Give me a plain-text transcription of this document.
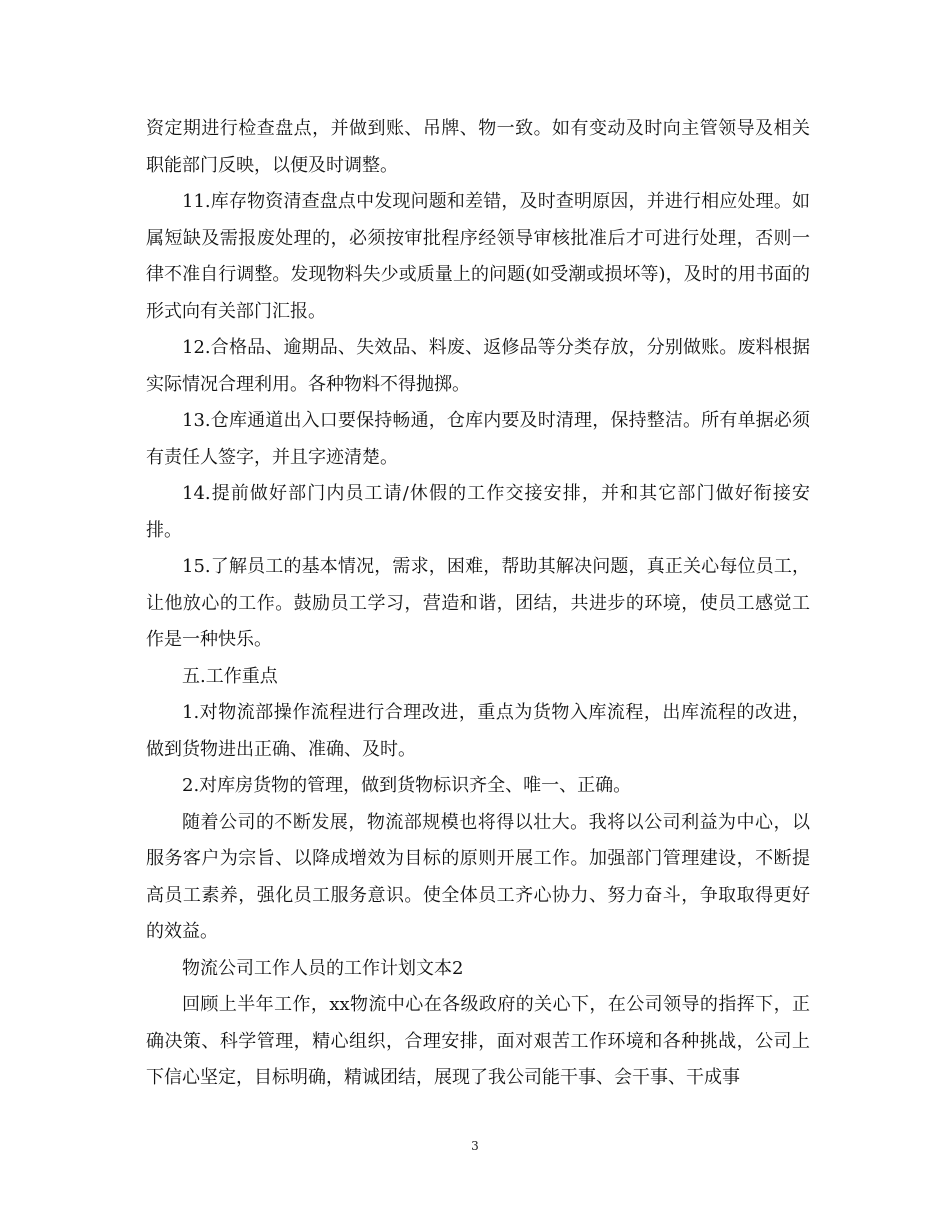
资定期进行检查盘点，并做到账、吊牌、物一致。如有变动及时向主管领导及相关职能部门反映，以便及时调整。

11.库存物资清查盘点中发现问题和差错，及时查明原因，并进行相应处理。如属短缺及需报废处理的，必须按审批程序经领导审核批准后才可进行处理，否则一律不准自行调整。发现物料失少或质量上的问题(如受潮或损坏等)，及时的用书面的形式向有关部门汇报。

12.合格品、逾期品、失效品、料废、返修品等分类存放，分别做账。废料根据实际情况合理利用。各种物料不得抛掷。

13.仓库通道出入口要保持畅通，仓库内要及时清理，保持整洁。所有单据必须有责任人签字，并且字迹清楚。

14.提前做好部门内员工请/休假的工作交接安排，并和其它部门做好衔接安排。

15.了解员工的基本情况，需求，困难，帮助其解决问题，真正关心每位员工，让他放心的工作。鼓励员工学习，营造和谐，团结，共进步的环境，使员工感觉工作是一种快乐。

五.工作重点

1.对物流部操作流程进行合理改进，重点为货物入库流程，出库流程的改进，做到货物进出正确、准确、及时。

2.对库房货物的管理，做到货物标识齐全、唯一、正确。

随着公司的不断发展，物流部规模也将得以壮大。我将以公司利益为中心，以服务客户为宗旨、以降成增效为目标的原则开展工作。加强部门管理建设，不断提高员工素养，强化员工服务意识。使全体员工齐心协力、努力奋斗，争取取得更好的效益。

物流公司工作人员的工作计划文本2

回顾上半年工作，xx物流中心在各级政府的关心下，在公司领导的指挥下，正确决策、科学管理，精心组织，合理安排，面对艰苦工作环境和各种挑战，公司上下信心坚定，目标明确，精诚团结，展现了我公司能干事、会干事、干成事

3
